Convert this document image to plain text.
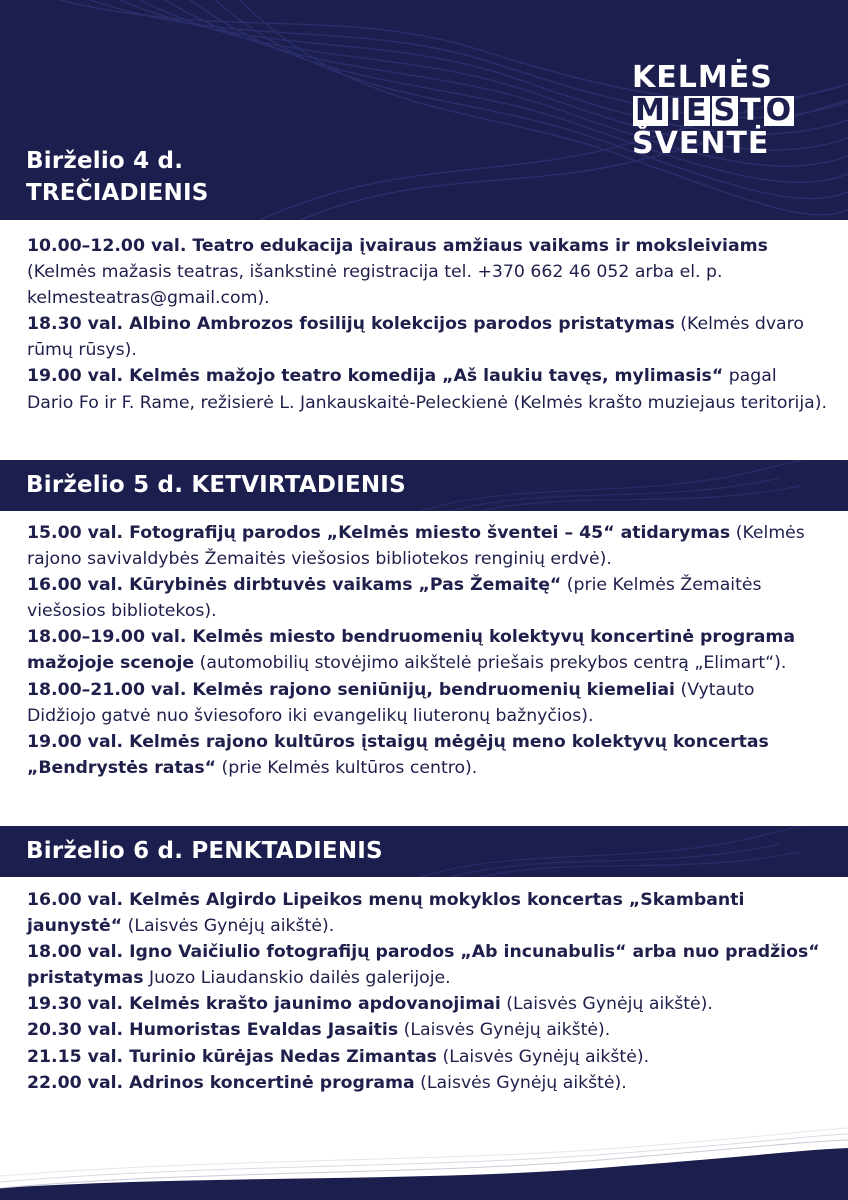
Birželio 4 d.
TREČIADIENIS
KELMĖS
M I E S T O
ŠVENTĖ

10.00–12.00 val. Teatro edukacija įvairaus amžiaus vaikams ir moksleiviams (Kelmės mažasis teatras, išankstinė registracija tel. +370 662 46 052 arba el. p. kelmesteatras@gmail.com).

18.30 val. Albino Ambrozos fosilijų kolekcijos parodos pristatymas (Kelmės dvaro rūmų rūsys).

19.00 val. Kelmės mažojo teatro komedija „Aš laukiu tavęs, mylimasis“ pagal Dario Fo ir F. Rame, režisierė L. Jankauskaitė-Peleckienė (Kelmės krašto muziejaus teritorija).

Birželio 5 d. KETVIRTADIENIS

15.00 val. Fotografijų parodos „Kelmės miesto šventei – 45“ atidarymas (Kelmės rajono savivaldybės Žemaitės viešosios bibliotekos renginių erdvė).

16.00 val. Kūrybinės dirbtuvės vaikams „Pas Žemaitę“ (prie Kelmės Žemaitės viešosios bibliotekos).

18.00–19.00 val. Kelmės miesto bendruomenių kolektyvų koncertinė programa mažojoje scenoje (automobilių stovėjimo aikštelė priešais prekybos centrą „Elimart“).

18.00–21.00 val. Kelmės rajono seniūnijų, bendruomenių kiemeliai (Vytauto Didžiojo gatvė nuo šviesoforo iki evangelikų liuteronų bažnyčios).

19.00 val. Kelmės rajono kultūros įstaigų mėgėjų meno kolektyvų koncertas „Bendrystės ratas“ (prie Kelmės kultūros centro).

Birželio 6 d. PENKTADIENIS

16.00 val. Kelmės Algirdo Lipeikos menų mokyklos koncertas „Skambanti jaunystė“ (Laisvės Gynėjų aikštė).

18.00 val. Igno Vaičiulio fotografijų parodos „Ab incunabulis“ arba nuo pradžios“ pristatymas Juozo Liaudanskio dailės galerijoje.

19.30 val. Kelmės krašto jaunimo apdovanojimai (Laisvės Gynėjų aikštė).

20.30 val. Humoristas Evaldas Jasaitis (Laisvės Gynėjų aikštė).

21.15 val. Turinio kūrėjas Nedas Zimantas (Laisvės Gynėjų aikštė).

22.00 val. Adrinos koncertinė programa (Laisvės Gynėjų aikštė).
